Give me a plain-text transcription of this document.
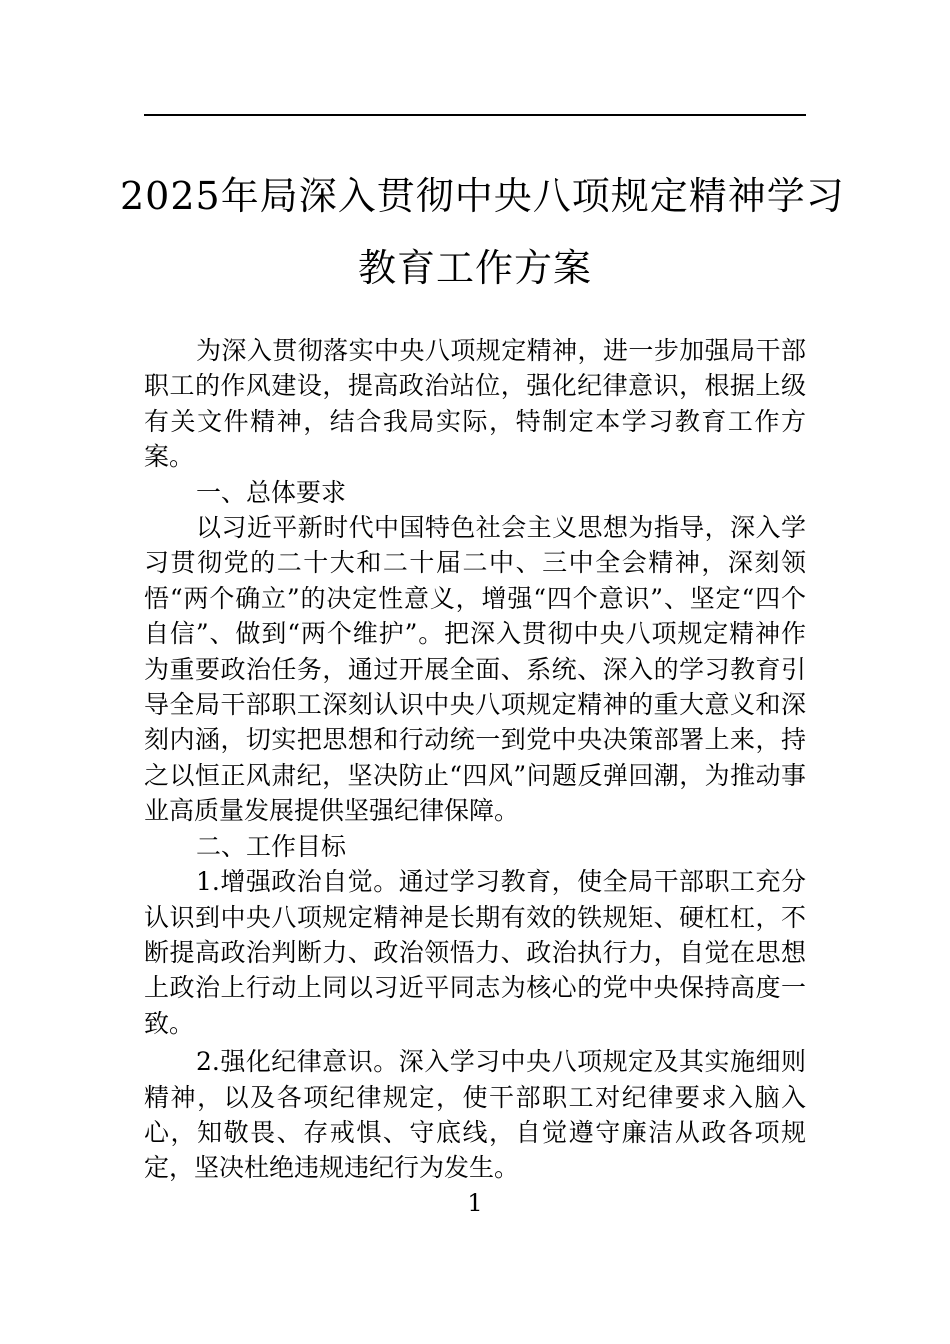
2025年局深入贯彻中央八项规定精神学习
教育工作方案

为深入贯彻落实中央八项规定精神，进一步加强局干部职工的作风建设，提高政治站位，强化纪律意识，根据上级有关文件精神，结合我局实际，特制定本学习教育工作方案。

一、总体要求

以习近平新时代中国特色社会主义思想为指导，深入学习贯彻党的二十大和二十届二中、三中全会精神，深刻领悟“两个确立”的决定性意义，增强“四个意识”、坚定“四个自信”、做到“两个维护”。把深入贯彻中央八项规定精神作为重要政治任务，通过开展全面、系统、深入的学习教育引导全局干部职工深刻认识中央八项规定精神的重大意义和深刻内涵，切实把思想和行动统一到党中央决策部署上来，持之以恒正风肃纪，坚决防止“四风”问题反弹回潮，为推动事业高质量发展提供坚强纪律保障。

二、工作目标

1.增强政治自觉。通过学习教育，使全局干部职工充分认识到中央八项规定精神是长期有效的铁规矩、硬杠杠，不断提高政治判断力、政治领悟力、政治执行力，自觉在思想上政治上行动上同以习近平同志为核心的党中央保持高度一致。

2.强化纪律意识。深入学习中央八项规定及其实施细则精神，以及各项纪律规定，使干部职工对纪律要求入脑入心，知敬畏、存戒惧、守底线，自觉遵守廉洁从政各项规定，坚决杜绝违规违纪行为发生。

1
